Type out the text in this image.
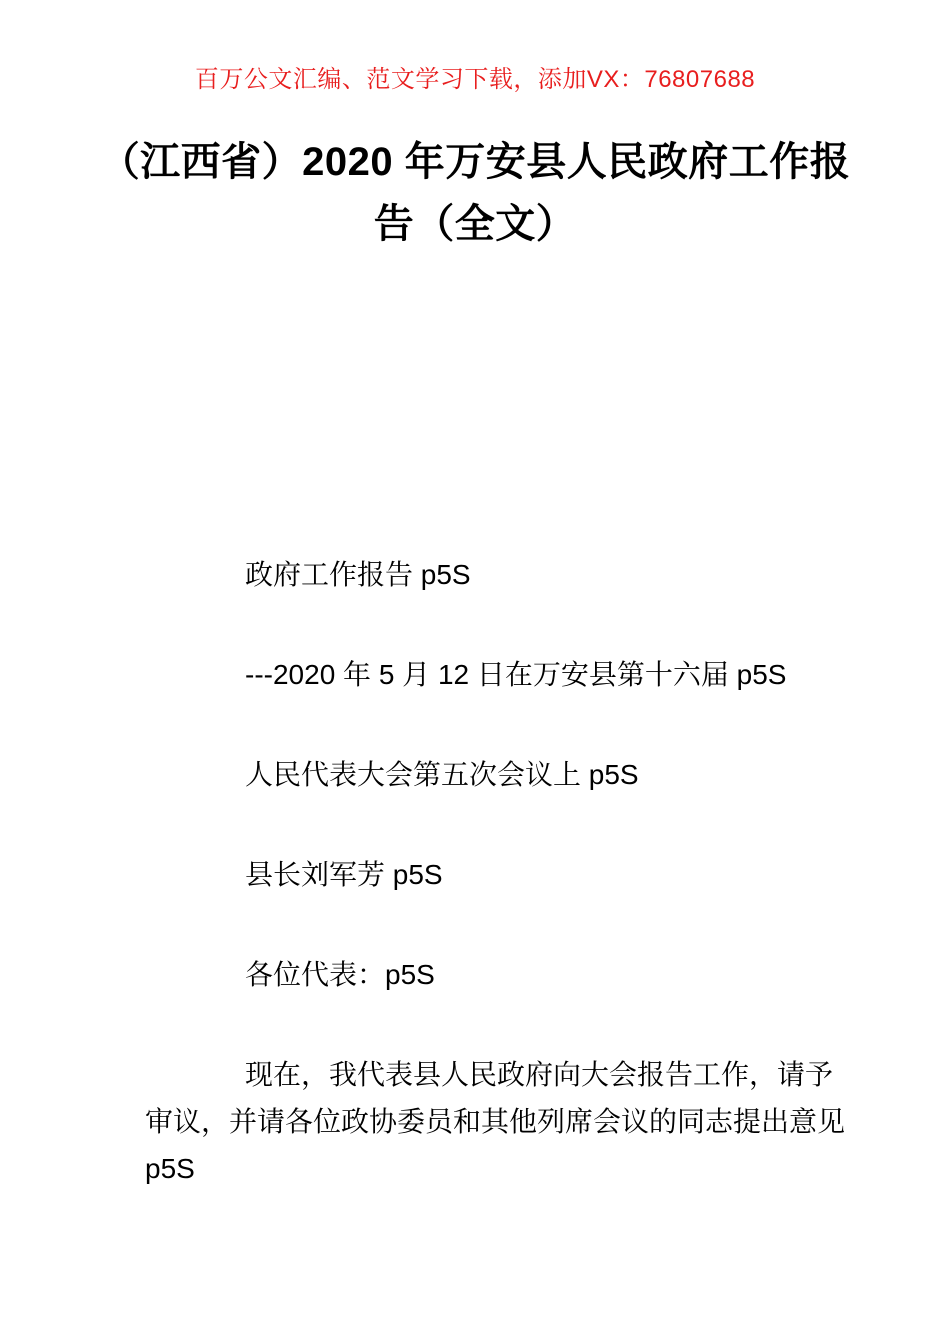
百万公文汇编、范文学习下载，添加VX：76807688
（江西省）2020 年万安县人民政府工作报告（全文）

政府工作报告 p5S

---2020 年 5 月 12 日在万安县第十六届 p5S

人民代表大会第五次会议上 p5S

县长刘军芳 p5S

各位代表：p5S

现在，我代表县人民政府向大会报告工作，请予审议，并请各位政协委员和其他列席会议的同志提出意见 p5S
